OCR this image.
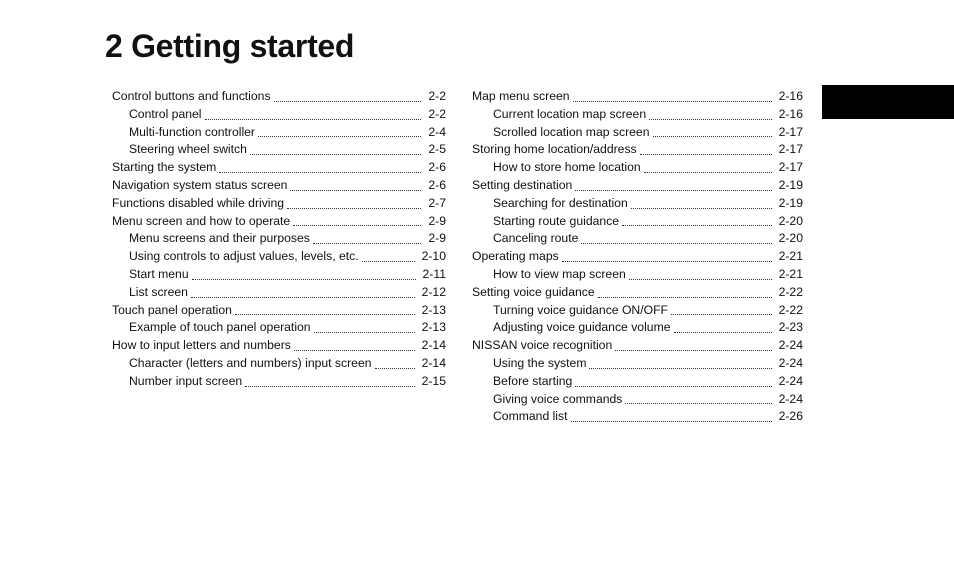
2 Getting started
Control buttons and functions	2-2
Control panel	2-2
Multi-function controller	2-4
Steering wheel switch	2-5
Starting the system	2-6
Navigation system status screen	2-6
Functions disabled while driving	2-7
Menu screen and how to operate	2-9
Menu screens and their purposes	2-9
Using controls to adjust values, levels, etc.	2-10
Start menu	2-11
List screen	2-12
Touch panel operation	2-13
Example of touch panel operation	2-13
How to input letters and numbers	2-14
Character (letters and numbers) input screen	2-14
Number input screen	2-15
Map menu screen	2-16
Current location map screen	2-16
Scrolled location map screen	2-17
Storing home location/address	2-17
How to store home location	2-17
Setting destination	2-19
Searching for destination	2-19
Starting route guidance	2-20
Canceling route	2-20
Operating maps	2-21
How to view map screen	2-21
Setting voice guidance	2-22
Turning voice guidance ON/OFF	2-22
Adjusting voice guidance volume	2-23
NISSAN voice recognition	2-24
Using the system	2-24
Before starting	2-24
Giving voice commands	2-24
Command list	2-26
